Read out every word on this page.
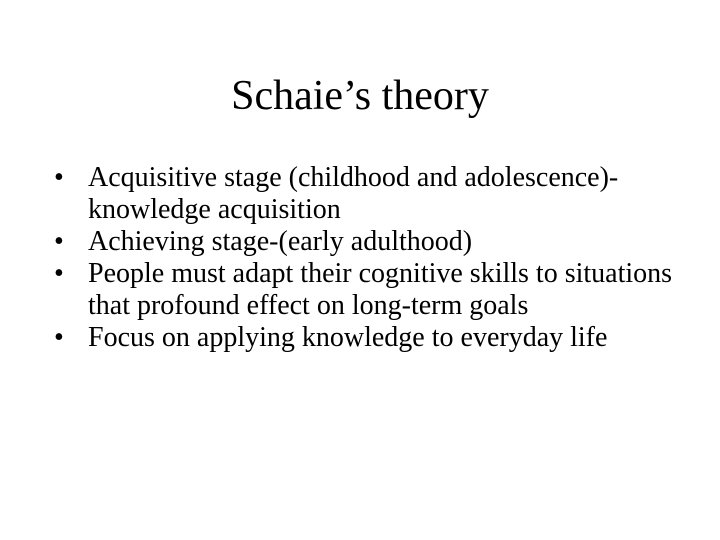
Schaie’s theory
• Acquisitive stage (childhood and adolescence)-knowledge acquisition
• Achieving stage-(early adulthood)
• People must adapt their cognitive skills to situations that profound effect on long-term goals
• Focus on applying knowledge to everyday life
